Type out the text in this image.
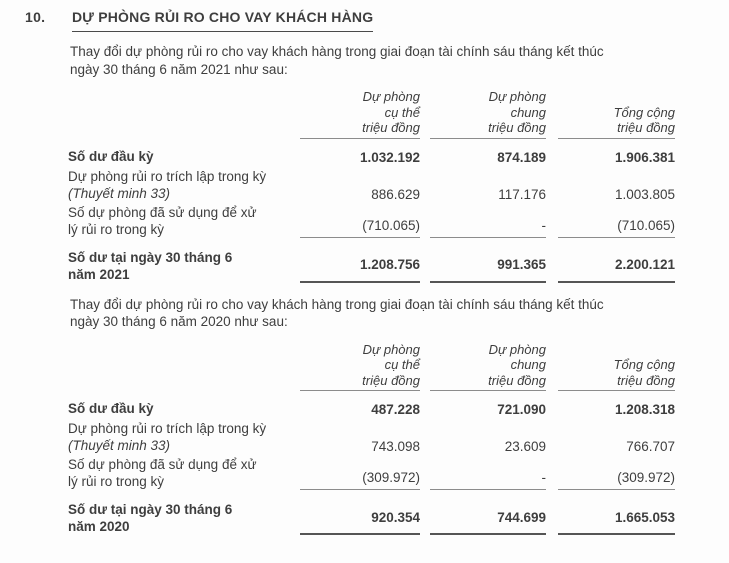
10.	DỰ PHÒNG RỦI RO CHO VAY KHÁCH HÀNG

Thay đổi dự phòng rủi ro cho vay khách hàng trong giai đoạn tài chính sáu tháng kết thúc
ngày 30 tháng 6 năm 2021 như sau:

Dự phòng
cụ thể
triệu đồng
Dự phòng
chung
triệu đồng
Tổng cộng
triệu đồng
Số dư đầu kỳ	1.032.192	874.189	1.906.381
Dự phòng rủi ro trích lập trong kỳ
(Thuyết minh 33)	886.629	117.176	1.003.805
Số dự phòng đã sử dụng để xử
lý rủi ro trong kỳ	(710.065)	-	(710.065)
Số dư tại ngày 30 tháng 6
năm 2021
1.208.756	991.365	2.200.121

Thay đổi dự phòng rủi ro cho vay khách hàng trong giai đoạn tài chính sáu tháng kết thúc
ngày 30 tháng 6 năm 2020 như sau:

Dự phòng
cụ thể
triệu đồng
Dự phòng
chung
triệu đồng
Tổng cộng
triệu đồng
Số dư đầu kỳ	487.228	721.090	1.208.318
Dự phòng rủi ro trích lập trong kỳ
(Thuyết minh 33)	743.098	23.609	766.707
Số dự phòng đã sử dụng để xử
lý rủi ro trong kỳ	(309.972)	-	(309.972)
Số dư tại ngày 30 tháng 6
năm 2020
920.354	744.699	1.665.053
